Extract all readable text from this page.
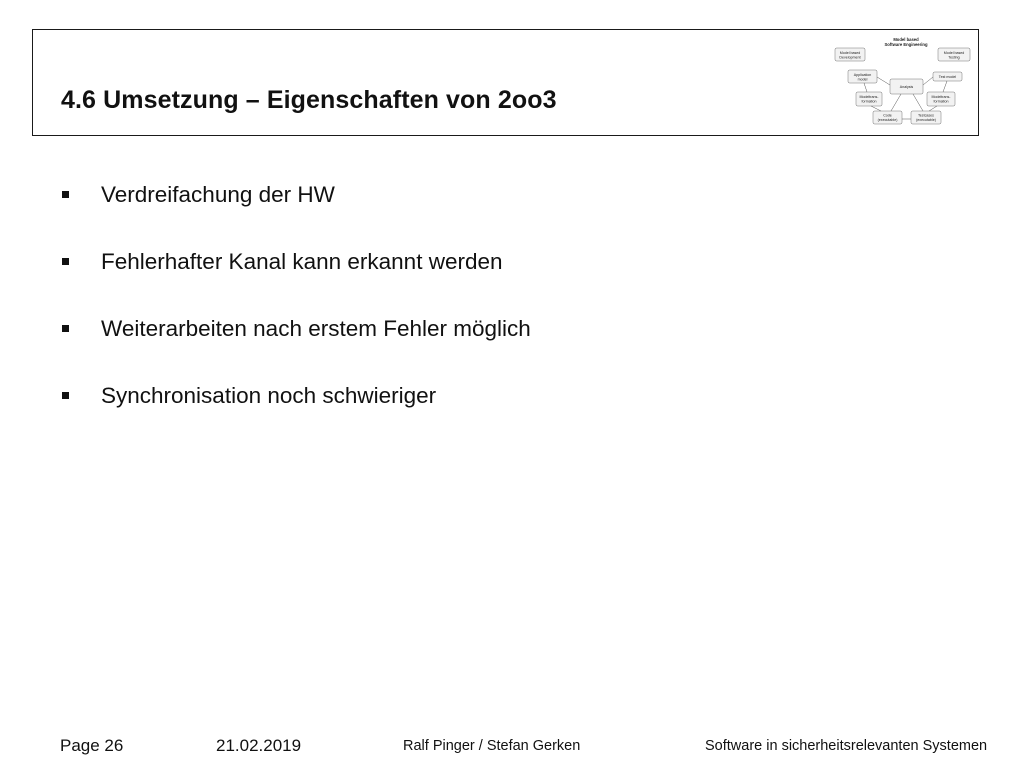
4.6 Umsetzung – Eigenschaften von 2oo3
Model based
Software Engineering
Model based
Development
Model based
Testing
Application
model
Test model
Analysis
Modeltrans-
formation
Modeltrans-
formation
Code
(executable)
Testcases
(executable)
Verdreifachung der HW
Fehlerhafter Kanal kann erkannt werden
Weiterarbeiten nach erstem Fehler möglich
Synchronisation noch schwieriger
Page 26	21.02.2019	Ralf Pinger / Stefan Gerken	Software in sicherheitsrelevanten Systemen
